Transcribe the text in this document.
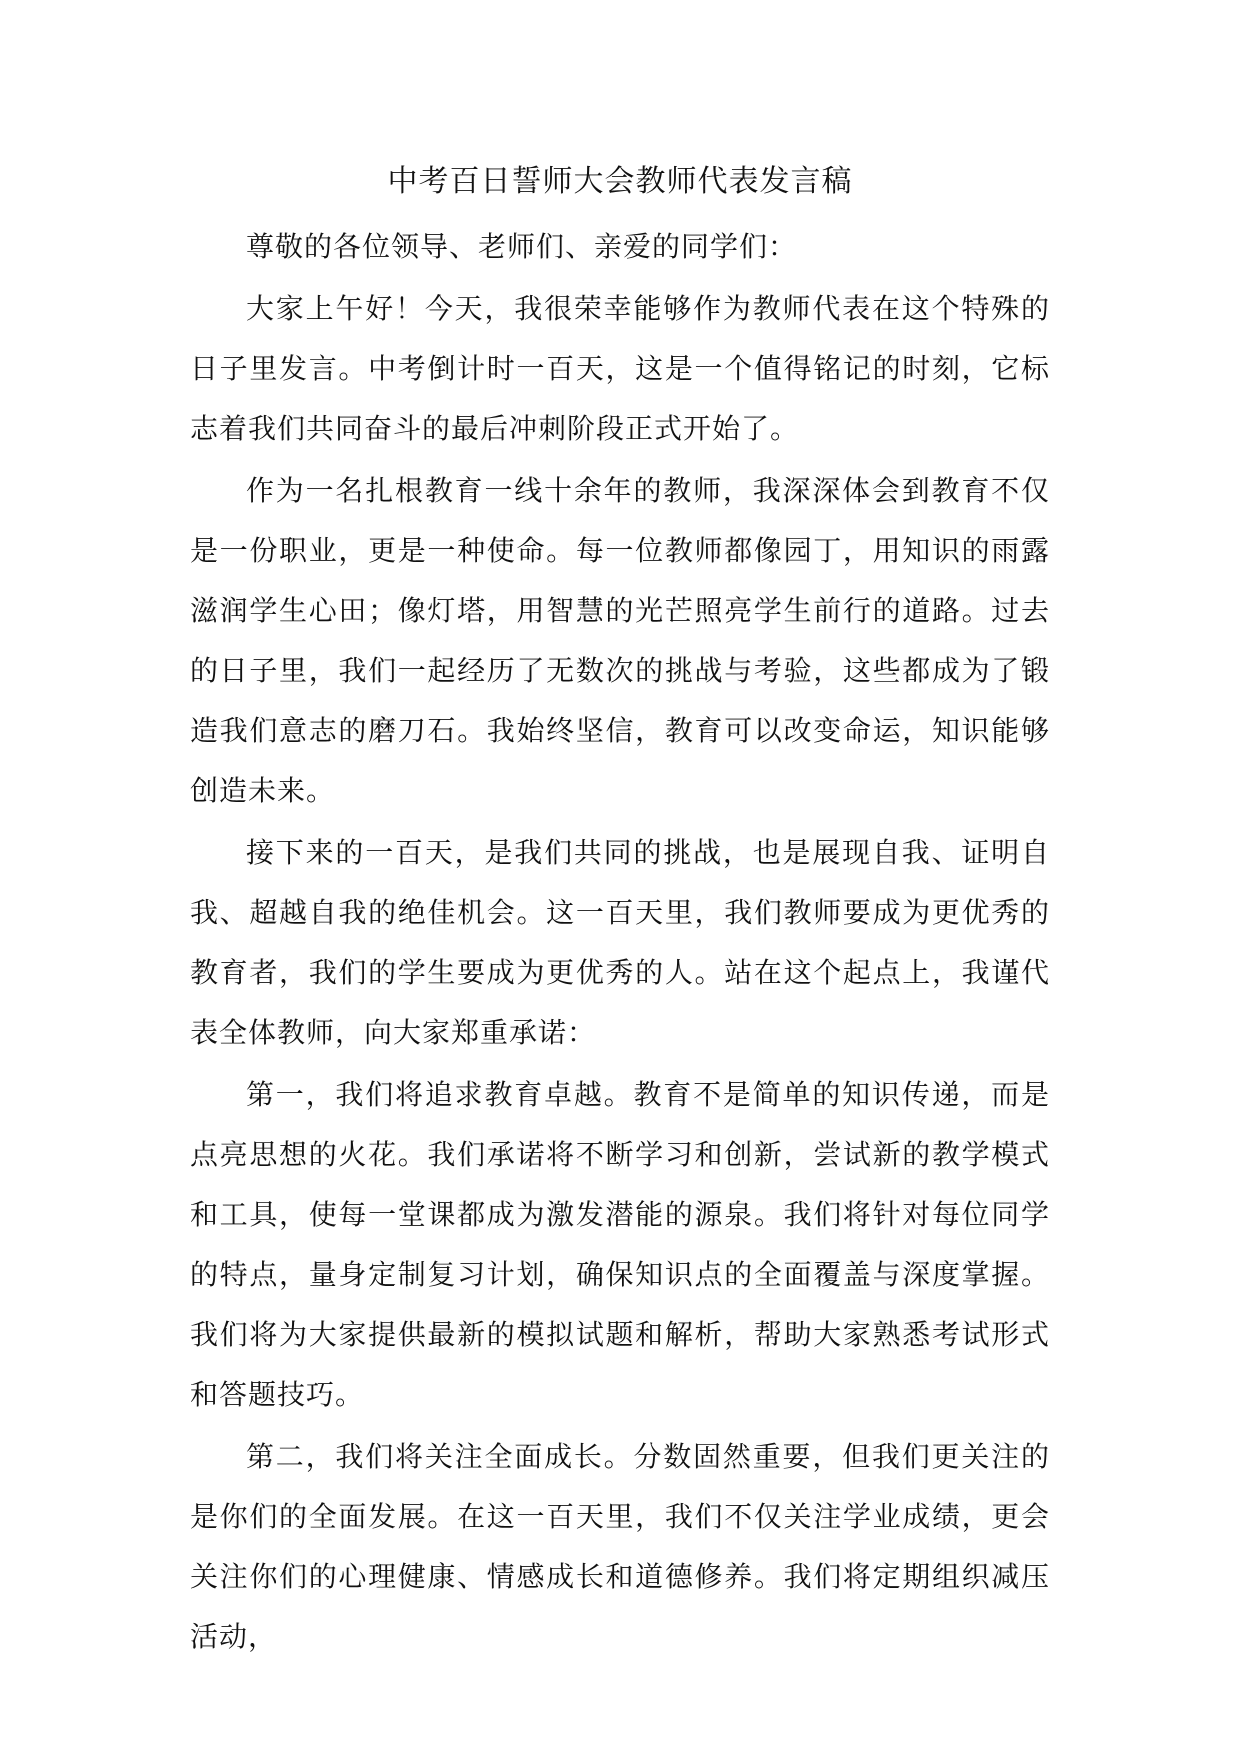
中考百日誓师大会教师代表发言稿

尊敬的各位领导、老师们、亲爱的同学们：

大家上午好！今天，我很荣幸能够作为教师代表在这个特殊的日子里发言。中考倒计时一百天，这是一个值得铭记的时刻，它标志着我们共同奋斗的最后冲刺阶段正式开始了。

作为一名扎根教育一线十余年的教师，我深深体会到教育不仅是一份职业，更是一种使命。每一位教师都像园丁，用知识的雨露滋润学生心田；像灯塔，用智慧的光芒照亮学生前行的道路。过去的日子里，我们一起经历了无数次的挑战与考验，这些都成为了锻造我们意志的磨刀石。我始终坚信，教育可以改变命运，知识能够创造未来。

接下来的一百天，是我们共同的挑战，也是展现自我、证明自我、超越自我的绝佳机会。这一百天里，我们教师要成为更优秀的教育者，我们的学生要成为更优秀的人。站在这个起点上，我谨代表全体教师，向大家郑重承诺：

第一，我们将追求教育卓越。教育不是简单的知识传递，而是点亮思想的火花。我们承诺将不断学习和创新，尝试新的教学模式和工具，使每一堂课都成为激发潜能的源泉。我们将针对每位同学的特点，量身定制复习计划，确保知识点的全面覆盖与深度掌握。我们将为大家提供最新的模拟试题和解析，帮助大家熟悉考试形式和答题技巧。

第二，我们将关注全面成长。分数固然重要，但我们更关注的是你们的全面发展。在这一百天里，我们不仅关注学业成绩，更会关注你们的心理健康、情感成长和道德修养。我们将定期组织减压活动，
